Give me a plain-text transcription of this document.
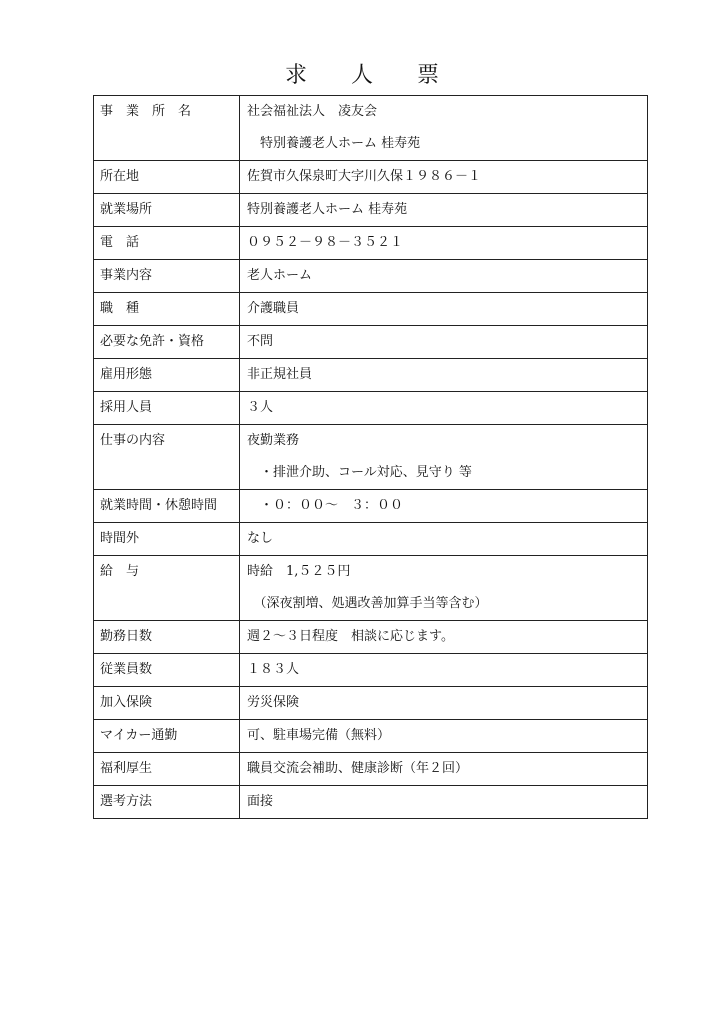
求 人 票
事　業　所　名	社会福祉法人　凌友会
　特別養護老人ホーム 桂寿苑

所在地	佐賀市久保泉町大字川久保１９８６－１
就業場所	特別養護老人ホーム 桂寿苑
電　話	０９５２－９８－３５２１
事業内容	老人ホーム
職　種	介護職員
必要な免許・資格	不問
雇用形態	非正規社員
採用人員	３人
仕事の内容	夜勤業務
　・排泄介助、コール対応、見守り 等

就業時間・休憩時間	　・０：００～　３：００
時間外	なし
給　与	時給　1,５２５円
　（深夜割増、処遇改善加算手当等含む）

勤務日数	週２～３日程度　相談に応じます。
従業員数	１８３人
加入保険	労災保険
マイカー通勤	可、駐車場完備（無料）
福利厚生	職員交流会補助、健康診断（年２回）
選考方法	面接
